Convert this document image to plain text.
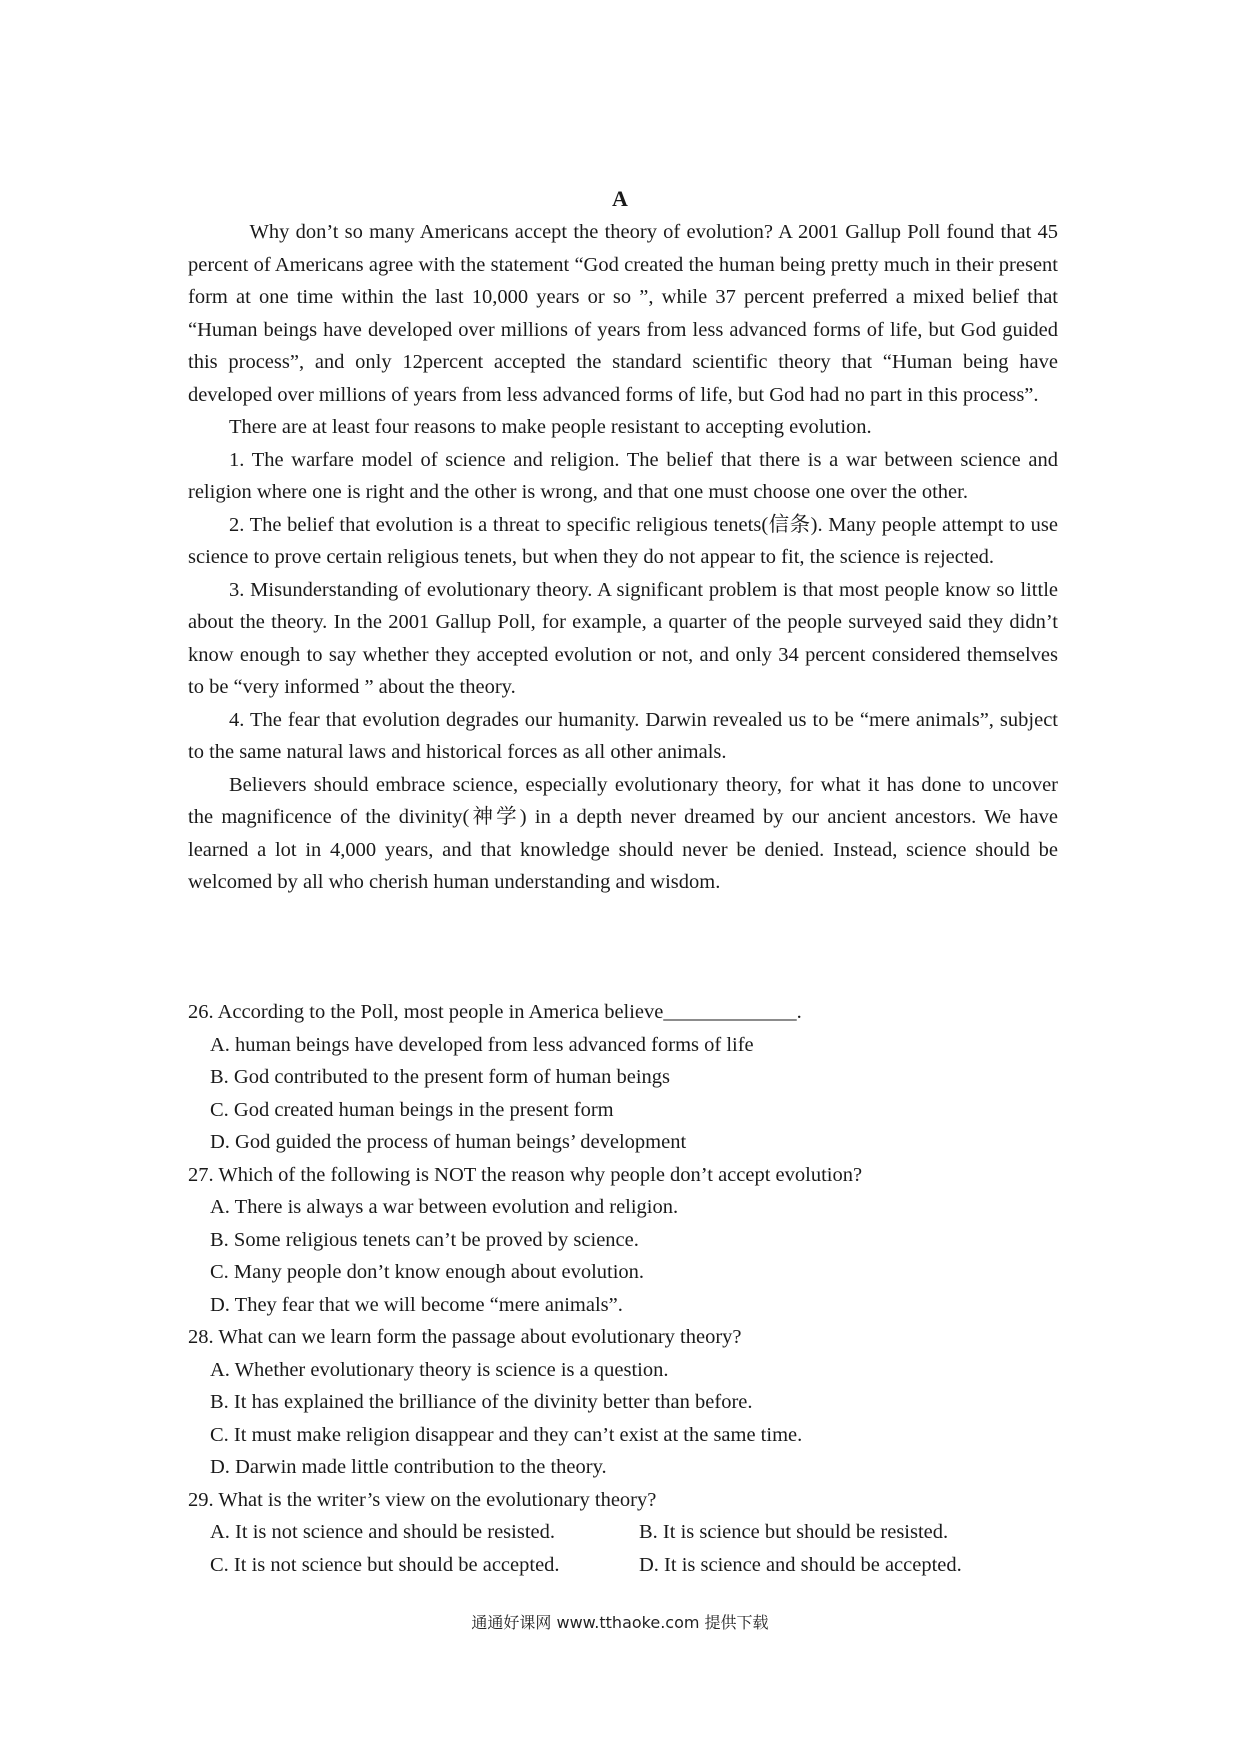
A

Why don’t so many Americans accept the theory of evolution? A 2001 Gallup Poll found that 45 percent of Americans agree with the statement “God created the human being pretty much in their present form at one time within the last 10,000 years or so ”, while 37 percent preferred a mixed belief that “Human beings have developed over millions of years from less advanced forms of life, but God guided this process”, and only 12percent accepted the standard scientific theory that “Human being have developed over millions of years from less advanced forms of life, but God had no part in this process”.

There are at least four reasons to make people resistant to accepting evolution.

1. The warfare model of science and religion. The belief that there is a war between science and religion where one is right and the other is wrong, and that one must choose one over the other.

2. The belief that evolution is a threat to specific religious tenets(信条). Many people attempt to use science to prove certain religious tenets, but when they do not appear to fit, the science is rejected.

3. Misunderstanding of evolutionary theory. A significant problem is that most people know so little about the theory. In the 2001 Gallup Poll, for example, a quarter of the people surveyed said they didn’t know enough to say whether they accepted evolution or not, and only 34 percent considered themselves to be “very informed ” about the theory.

4. The fear that evolution degrades our humanity. Darwin revealed us to be “mere animals”, subject to the same natural laws and historical forces as all other animals.

Believers should embrace science, especially evolutionary theory, for what it has done to uncover the magnificence of the divinity(神学) in a depth never dreamed by our ancient ancestors. We have learned a lot in 4,000 years, and that knowledge should never be denied. Instead, science should be welcomed by all who cherish human understanding and wisdom.

26. According to the Poll, most people in America believe_____________.
A. human beings have developed from less advanced forms of life
B. God contributed to the present form of human beings
C. God created human beings in the present form
D. God guided the process of human beings’ development
27. Which of the following is NOT the reason why people don’t accept evolution?
A. There is always a war between evolution and religion.
B. Some religious tenets can’t be proved by science.
C. Many people don’t know enough about evolution.
D. They fear that we will become “mere animals”.
28. What can we learn form the passage about evolutionary theory?
A. Whether evolutionary theory is science is a question.
B. It has explained the brilliance of the divinity better than before.
C. It must make religion disappear and they can’t exist at the same time.
D. Darwin made little contribution to the theory.
29. What is the writer’s view on the evolutionary theory?
A. It is not science and should be resisted.	B. It is science but should be resisted.
C. It is not science but should be accepted.	D. It is science and should be accepted.
通通好课网 www.tthaoke.com 提供下载
